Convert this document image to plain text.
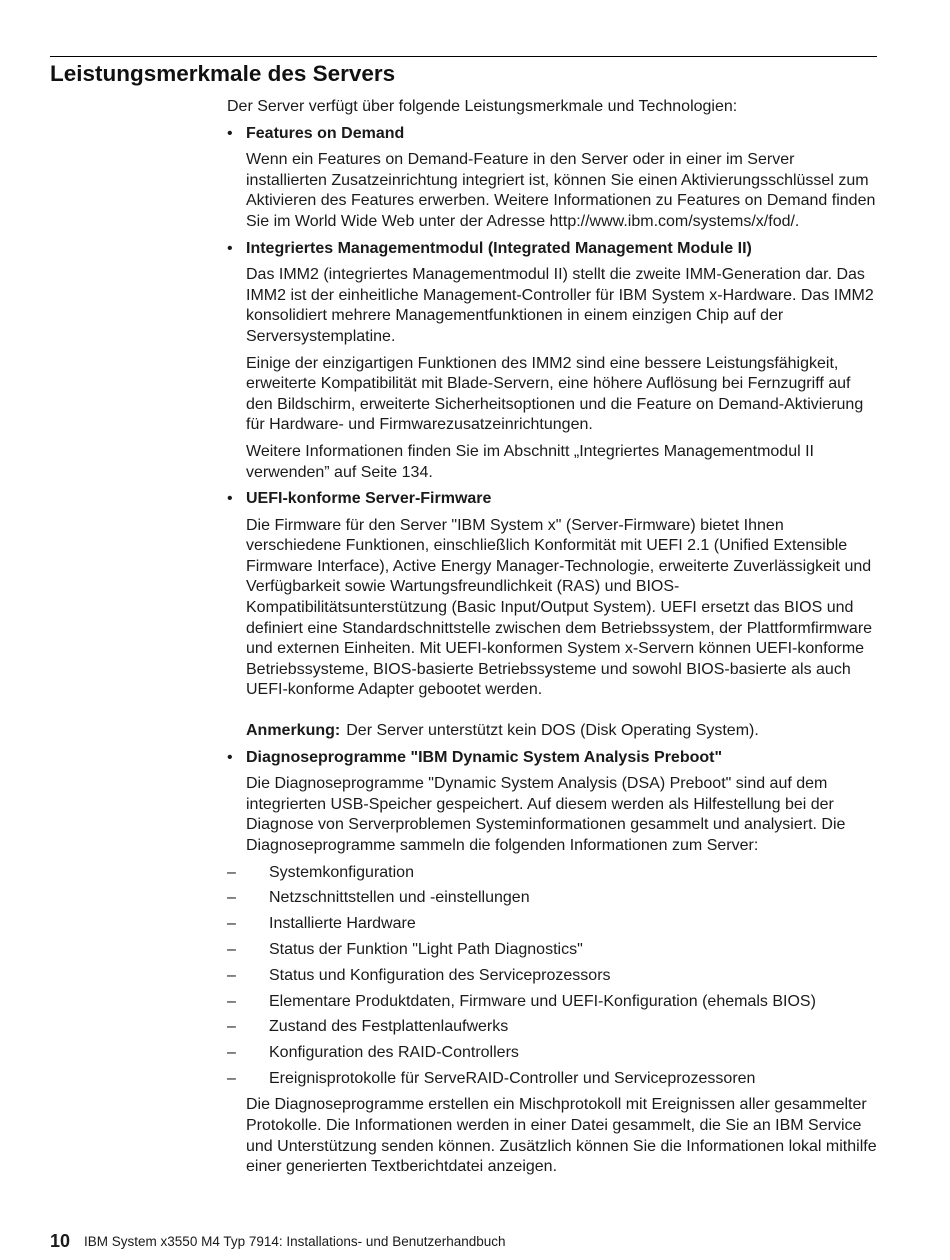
Leistungsmerkmale des Servers

Der Server verfügt über folgende Leistungsmerkmale und Technologien:

• Features on Demand

Wenn ein Features on Demand-Feature in den Server oder in einer im Server installierten Zusatzeinrichtung integriert ist, können Sie einen Aktivierungsschlüssel zum Aktivieren des Features erwerben. Weitere Informationen zu Features on Demand finden Sie im World Wide Web unter der Adresse http://www.ibm.com/systems/x/fod/.

• Integriertes Managementmodul (Integrated Management Module II)

Das IMM2 (integriertes Managementmodul II) stellt die zweite IMM-Generation dar. Das IMM2 ist der einheitliche Management-Controller für IBM System x-Hardware. Das IMM2 konsolidiert mehrere Managementfunktionen in einem einzigen Chip auf der Serversystemplatine.

Einige der einzigartigen Funktionen des IMM2 sind eine bessere Leistungsfähigkeit, erweiterte Kompatibilität mit Blade-Servern, eine höhere Auflösung bei Fernzugriff auf den Bildschirm, erweiterte Sicherheitsoptionen und die Feature on Demand-Aktivierung für Hardware- und Firmwarezusatzeinrichtungen.

Weitere Informationen finden Sie im Abschnitt „Integriertes Managementmodul II verwenden” auf Seite 134.

• UEFI-konforme Server-Firmware

Die Firmware für den Server "IBM System x" (Server-Firmware) bietet Ihnen verschiedene Funktionen, einschließlich Konformität mit UEFI 2.1 (Unified Extensible Firmware Interface), Active Energy Manager-Technologie, erweiterte Zuverlässigkeit und Verfügbarkeit sowie Wartungsfreundlichkeit (RAS) und BIOS-Kompatibilitätsunterstützung (Basic Input/Output System). UEFI ersetzt das BIOS und definiert eine Standardschnittstelle zwischen dem Betriebssystem, der Plattformfirmware und externen Einheiten. Mit UEFI-konformen System x-Servern können UEFI-konforme Betriebssysteme, BIOS-basierte Betriebssysteme und sowohl BIOS-basierte als auch UEFI-konforme Adapter gebootet werden.

Anmerkung: Der Server unterstützt kein DOS (Disk Operating System).

• Diagnoseprogramme "IBM Dynamic System Analysis Preboot"

Die Diagnoseprogramme "Dynamic System Analysis (DSA) Preboot" sind auf dem integrierten USB-Speicher gespeichert. Auf diesem werden als Hilfestellung bei der Diagnose von Serverproblemen Systeminformationen gesammelt und analysiert. Die Diagnoseprogramme sammeln die folgenden Informationen zum Server:

– Systemkonfiguration
– Netzschnittstellen und -einstellungen
– Installierte Hardware
– Status der Funktion "Light Path Diagnostics"
– Status und Konfiguration des Serviceprozessors
– Elementare Produktdaten, Firmware und UEFI-Konfiguration (ehemals BIOS)
– Zustand des Festplattenlaufwerks
– Konfiguration des RAID-Controllers
– Ereignisprotokolle für ServeRAID-Controller und Serviceprozessoren

Die Diagnoseprogramme erstellen ein Mischprotokoll mit Ereignissen aller gesammelter Protokolle. Die Informationen werden in einer Datei gesammelt, die Sie an IBM Service und Unterstützung senden können. Zusätzlich können Sie die Informationen lokal mithilfe einer generierten Textberichtdatei anzeigen.

10 IBM System x3550 M4 Typ 7914: Installations- und Benutzerhandbuch
